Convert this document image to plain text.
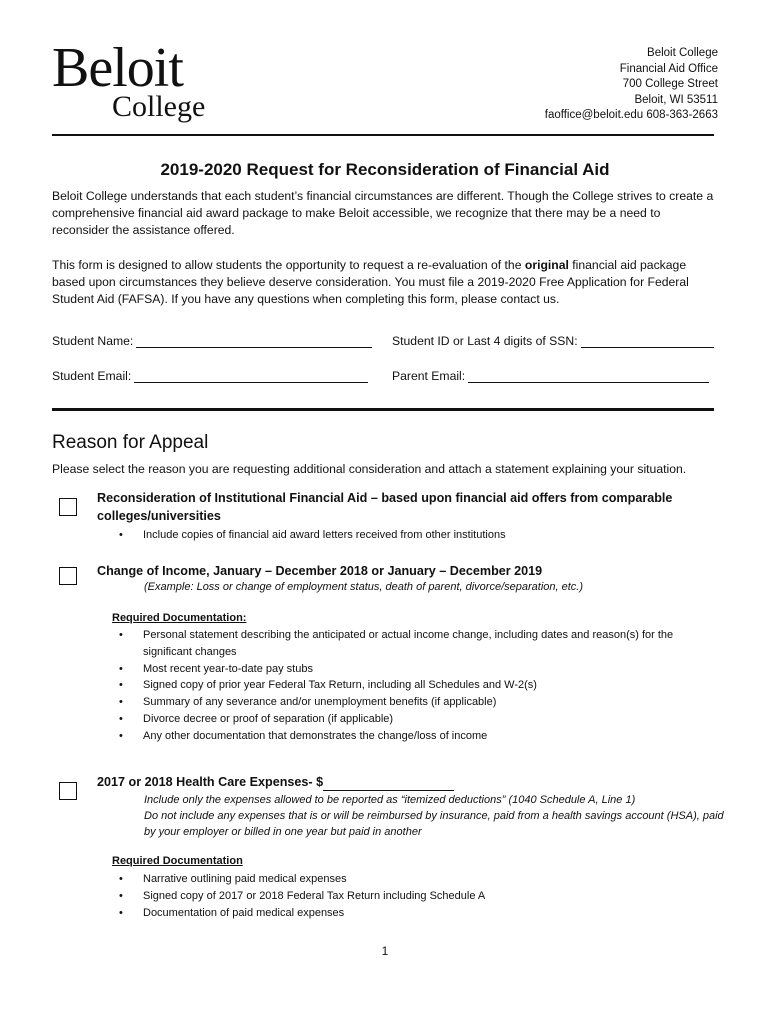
Beloit
College
Beloit College
Financial Aid Office
700 College Street
Beloit, WI 53511
faoffice@beloit.edu 608-363-2663
2019-2020 Request for Reconsideration of Financial Aid

Beloit College understands that each student’s financial circumstances are different. Though the College strives to create a comprehensive financial aid award package to make Beloit accessible, we recognize that there may be a need to reconsider the assistance offered.

This form is designed to allow students the opportunity to request a re-evaluation of the original financial aid package based upon circumstances they believe deserve consideration. You must file a 2019-2020 Free Application for Federal Student Aid (FAFSA). If you have any questions when completing this form, please contact us.

Student Name:	Student ID or Last 4 digits of SSN:
Student Email:	Parent Email:
Reason for Appeal
Please select the reason you are requesting additional consideration and attach a statement explaining your situation.
Reconsideration of Institutional Financial Aid – based upon financial aid offers from comparable colleges/universities
• Include copies of financial aid award letters received from other institutions
Change of Income, January – December 2018 or January – December 2019
(Example: Loss or change of employment status, death of parent, divorce/separation, etc.)
Required Documentation:
• Personal statement describing the anticipated or actual income change, including dates and reason(s) for the significant changes
• Most recent year-to-date pay stubs
• Signed copy of prior year Federal Tax Return, including all Schedules and W-2(s)
• Summary of any severance and/or unemployment benefits (if applicable)
• Divorce decree or proof of separation (if applicable)
• Any other documentation that demonstrates the change/loss of income
2017 or 2018 Health Care Expenses- $
Include only the expenses allowed to be reported as “itemized deductions” (1040 Schedule A, Line 1)
Do not include any expenses that is or will be reimbursed by insurance, paid from a health savings account (HSA), paid by your employer or billed in one year but paid in another
Required Documentation
• Narrative outlining paid medical expenses
• Signed copy of 2017 or 2018 Federal Tax Return including Schedule A
• Documentation of paid medical expenses
1
